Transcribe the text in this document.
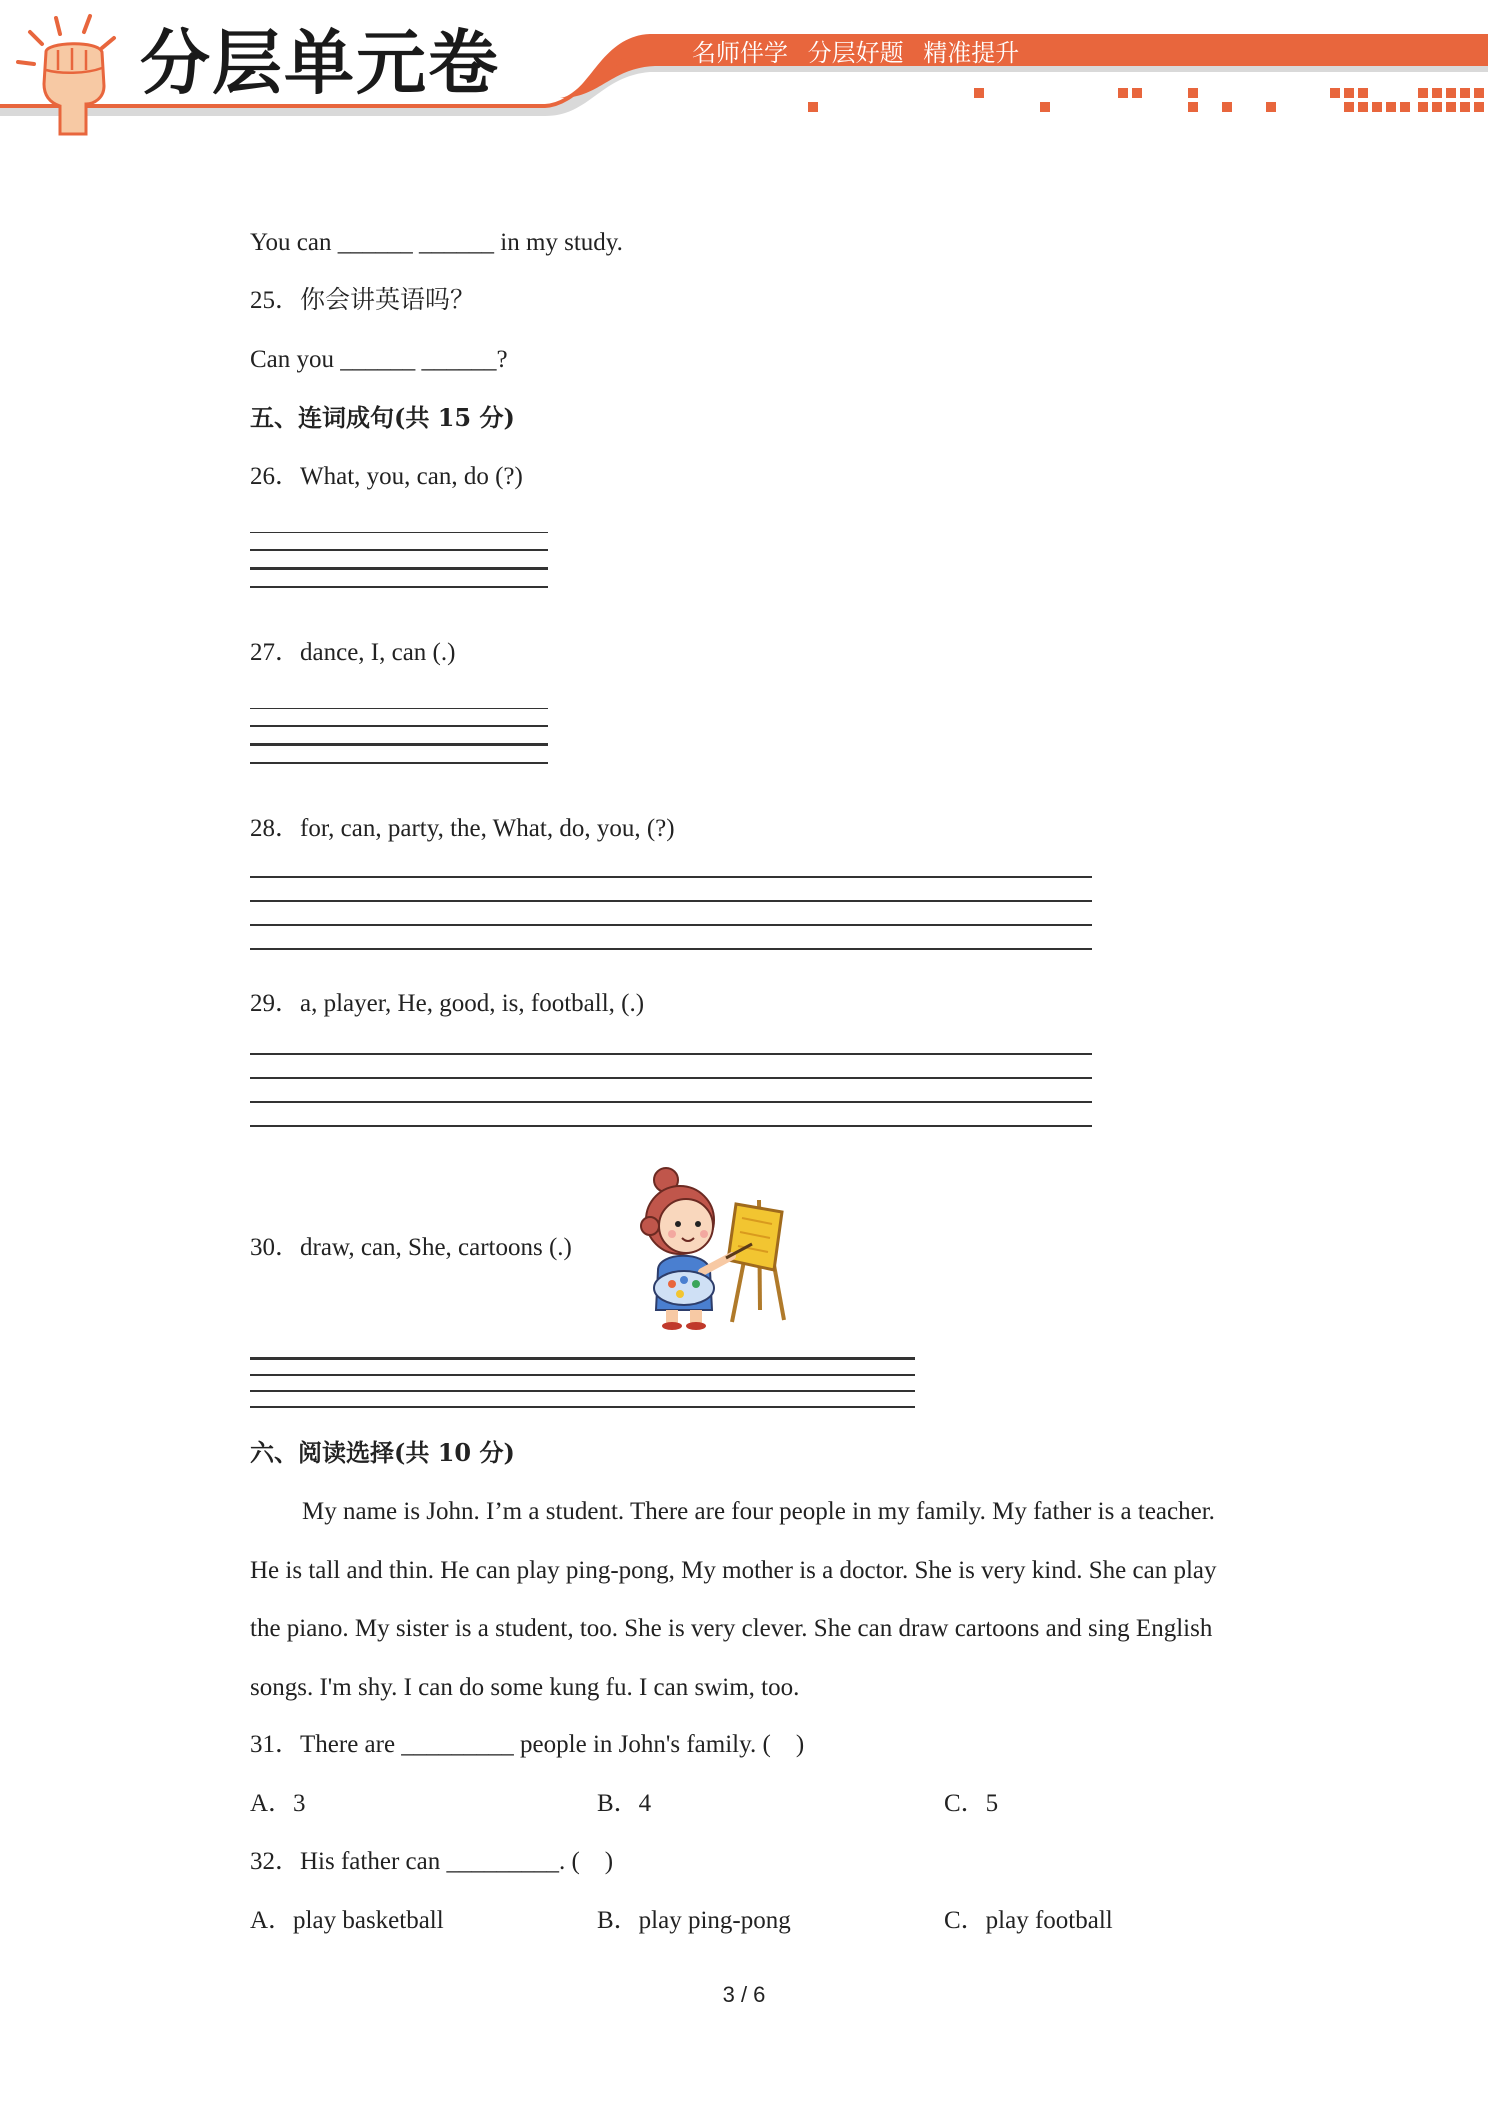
分层单元卷	名师伴学 分层好题 精准提升
You can ______ ______ in my study.
25．你会讲英语吗？
Can you ______ ______?
五、连词成句(共 15 分)
26．What, you, can, do (?)
27．dance, I, can (.)
28．for, can, party, the, What, do, you, (?)
29．a, player, He, good, is, football, (.)
30．draw, can, She, cartoons (.)
六、阅读选择(共 10 分)
My name is John. I’m a student. There are four people in my family. My father is a teacher. He is tall and thin. He can play ping-pong, My mother is a doctor. She is very kind. She can play the piano. My sister is a student, too. She is very clever. She can draw cartoons and sing English songs. I'm shy. I can do some kung fu. I can swim, too.
31．There are _________ people in John's family. (    )
A．3	B．4	C．5
32．His father can _________. (    )
A．play basketball	B．play ping-pong	C．play football
3 / 6
